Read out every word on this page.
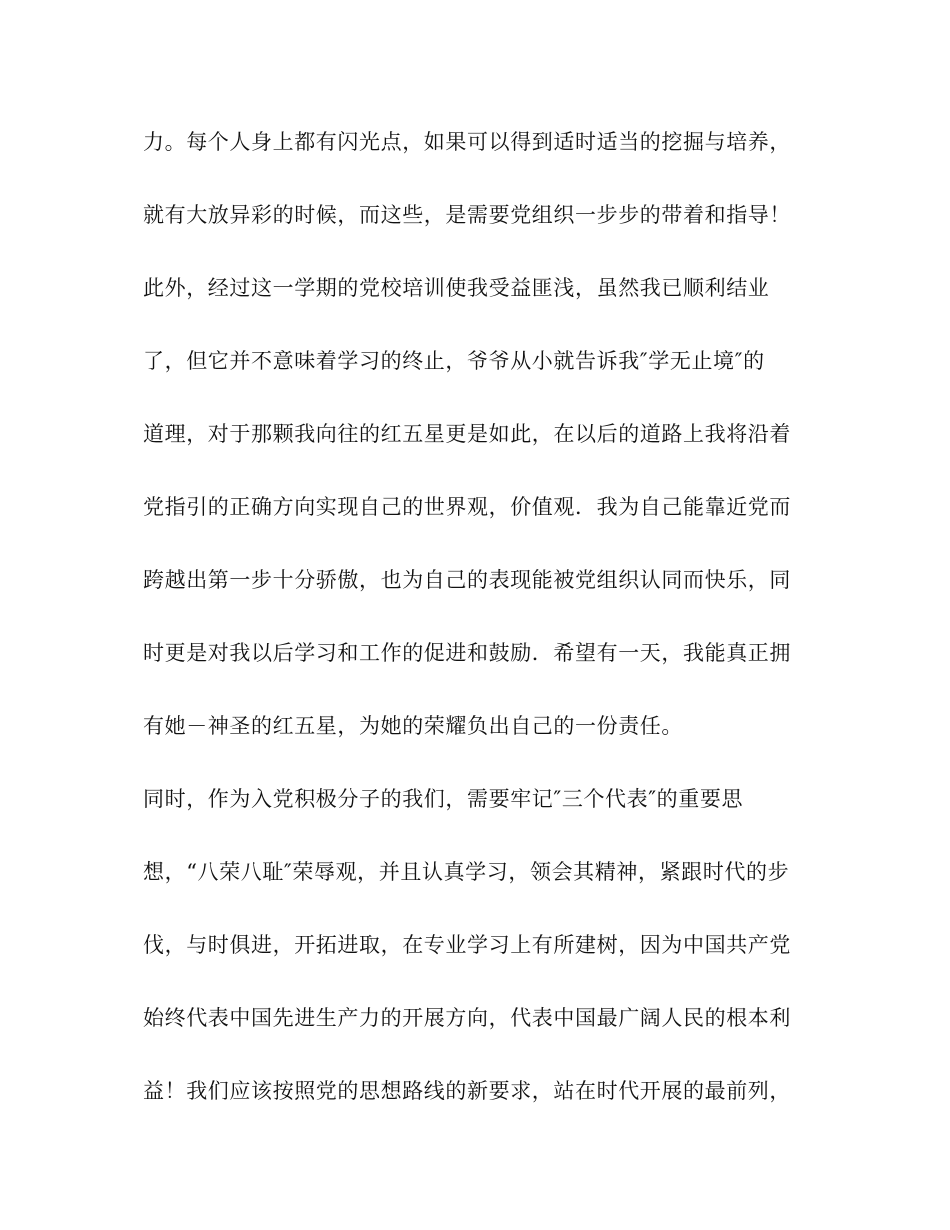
力。每个人身上都有闪光点，如果可以得到适时适当的挖掘与培养，
就有大放异彩的时候，而这些，是需要党组织一步步的带着和指导！
此外，经过这一学期的党校培训使我受益匪浅，虽然我已顺利结业
了，但它并不意味着学习的终止，爷爷从小就告诉我″学无止境″的
道理，对于那颗我向往的红五星更是如此，在以后的道路上我将沿着
党指引的正确方向实现自己的世界观，价值观．我为自己能靠近党而
跨越出第一步十分骄傲，也为自己的表现能被党组织认同而快乐，同
时更是对我以后学习和工作的促进和鼓励．希望有一天，我能真正拥
有她－神圣的红五星，为她的荣耀负出自己的一份责任。
同时，作为入党积极分子的我们，需要牢记″三个代表″的重要思
想，“八荣八耻″荣辱观，并且认真学习，领会其精神，紧跟时代的步
伐，与时俱进，开拓进取，在专业学习上有所建树，因为中国共产党
始终代表中国先进生产力的开展方向，代表中国最广阔人民的根本利
益！我们应该按照党的思想路线的新要求，站在时代开展的最前列，
